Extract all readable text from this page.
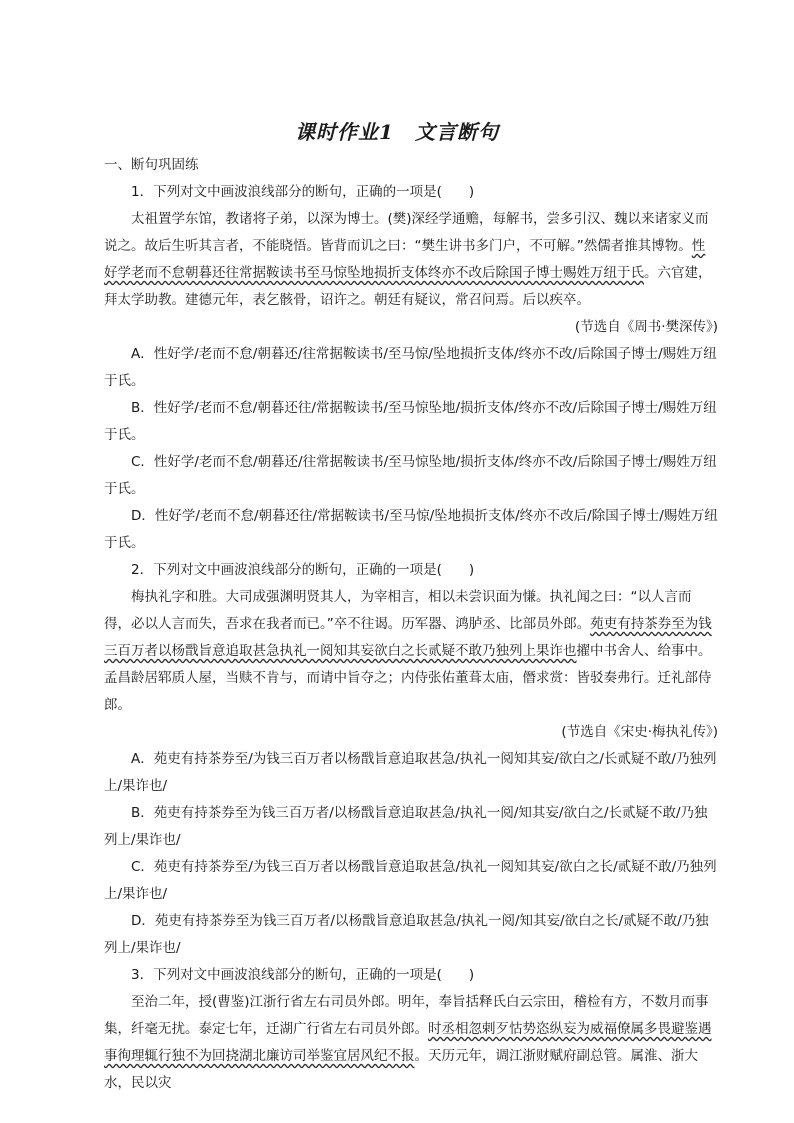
课时作业1　文言断句

一、断句巩固练

1．下列对文中画波浪线部分的断句，正确的一项是(　　)

太祖置学东馆，教诸将子弟，以深为博士。(樊)深经学通赡，每解书，尝多引汉、魏以来诸家义而说之。故后生听其言者，不能晓悟。皆背而讥之曰：“樊生讲书多门户，不可解。”然儒者推其博物。性好学老而不怠朝暮还往常据鞍读书至马惊坠地损折支体终亦不改后除国子博士赐姓万纽于氏。六官建，拜太学助教。建德元年，表乞骸骨，诏许之。朝廷有疑议，常召问焉。后以疾卒。

(节选自《周书·樊深传》)

A．性好学/老而不怠/朝暮还/往常据鞍读书/至马惊/坠地损折支体/终亦不改/后除国子博士/赐姓万纽于氏。

B．性好学/老而不怠/朝暮还往/常据鞍读书/至马惊坠地/损折支体/终亦不改/后除国子博士/赐姓万纽于氏。

C．性好学/老而不怠/朝暮还/往常据鞍读书/至马惊坠地/损折支体/终亦不改/后除国子博士/赐姓万纽于氏。

D．性好学/老而不怠/朝暮还往/常据鞍读书/至马惊/坠地损折支体/终亦不改后/除国子博士/赐姓万纽于氏。

2．下列对文中画波浪线部分的断句，正确的一项是(　　)

梅执礼字和胜。大司成强渊明贤其人，为宰相言，相以未尝识面为慊。执礼闻之曰：“以人言而得，必以人言而失，吾求在我者而已。”卒不往谒。历军器、鸿胪丞、比部员外郎。苑吏有持茶券至为钱三百万者以杨戬旨意追取甚急执礼一阅知其妄欲白之长贰疑不敢乃独列上果诈也擢中书舍人、给事中。孟昌龄居郓质人屋，当赎不肯与，而请中旨夺之；内侍张佑董葺太庙，僭求赏：皆驳奏弗行。迁礼部侍郎。

(节选自《宋史·梅执礼传》)

A．苑吏有持茶券至/为钱三百万者以杨戬旨意追取甚急/执礼一阅知其妄/欲白之/长贰疑不敢/乃独列上/果诈也/

B．苑吏有持茶券至为钱三百万者/以杨戬旨意追取甚急/执礼一阅/知其妄/欲白之/长贰疑不敢/乃独列上/果诈也/

C．苑吏有持茶券至/为钱三百万者以杨戬旨意追取甚急/执礼一阅知其妄/欲白之长/贰疑不敢/乃独列上/果诈也/

D．苑吏有持茶券至为钱三百万者/以杨戬旨意追取甚急/执礼一阅/知其妄/欲白之长/贰疑不敢/乃独列上/果诈也/

3．下列对文中画波浪线部分的断句，正确的一项是(　　)

至治二年，授(曹鉴)江浙行省左右司员外郎。明年，奉旨括释氏白云宗田，稽检有方，不数月而事集，纤毫无扰。泰定七年，迁湖广行省左右司员外郎。时丞相忽剌歹怙势恣纵妄为威福僚属多畏避鉴遇事徇理辄行独不为回挠湖北廉访司举鉴宜居风纪不报。天历元年，调江浙财赋府副总管。属淮、浙大水，民以灾
